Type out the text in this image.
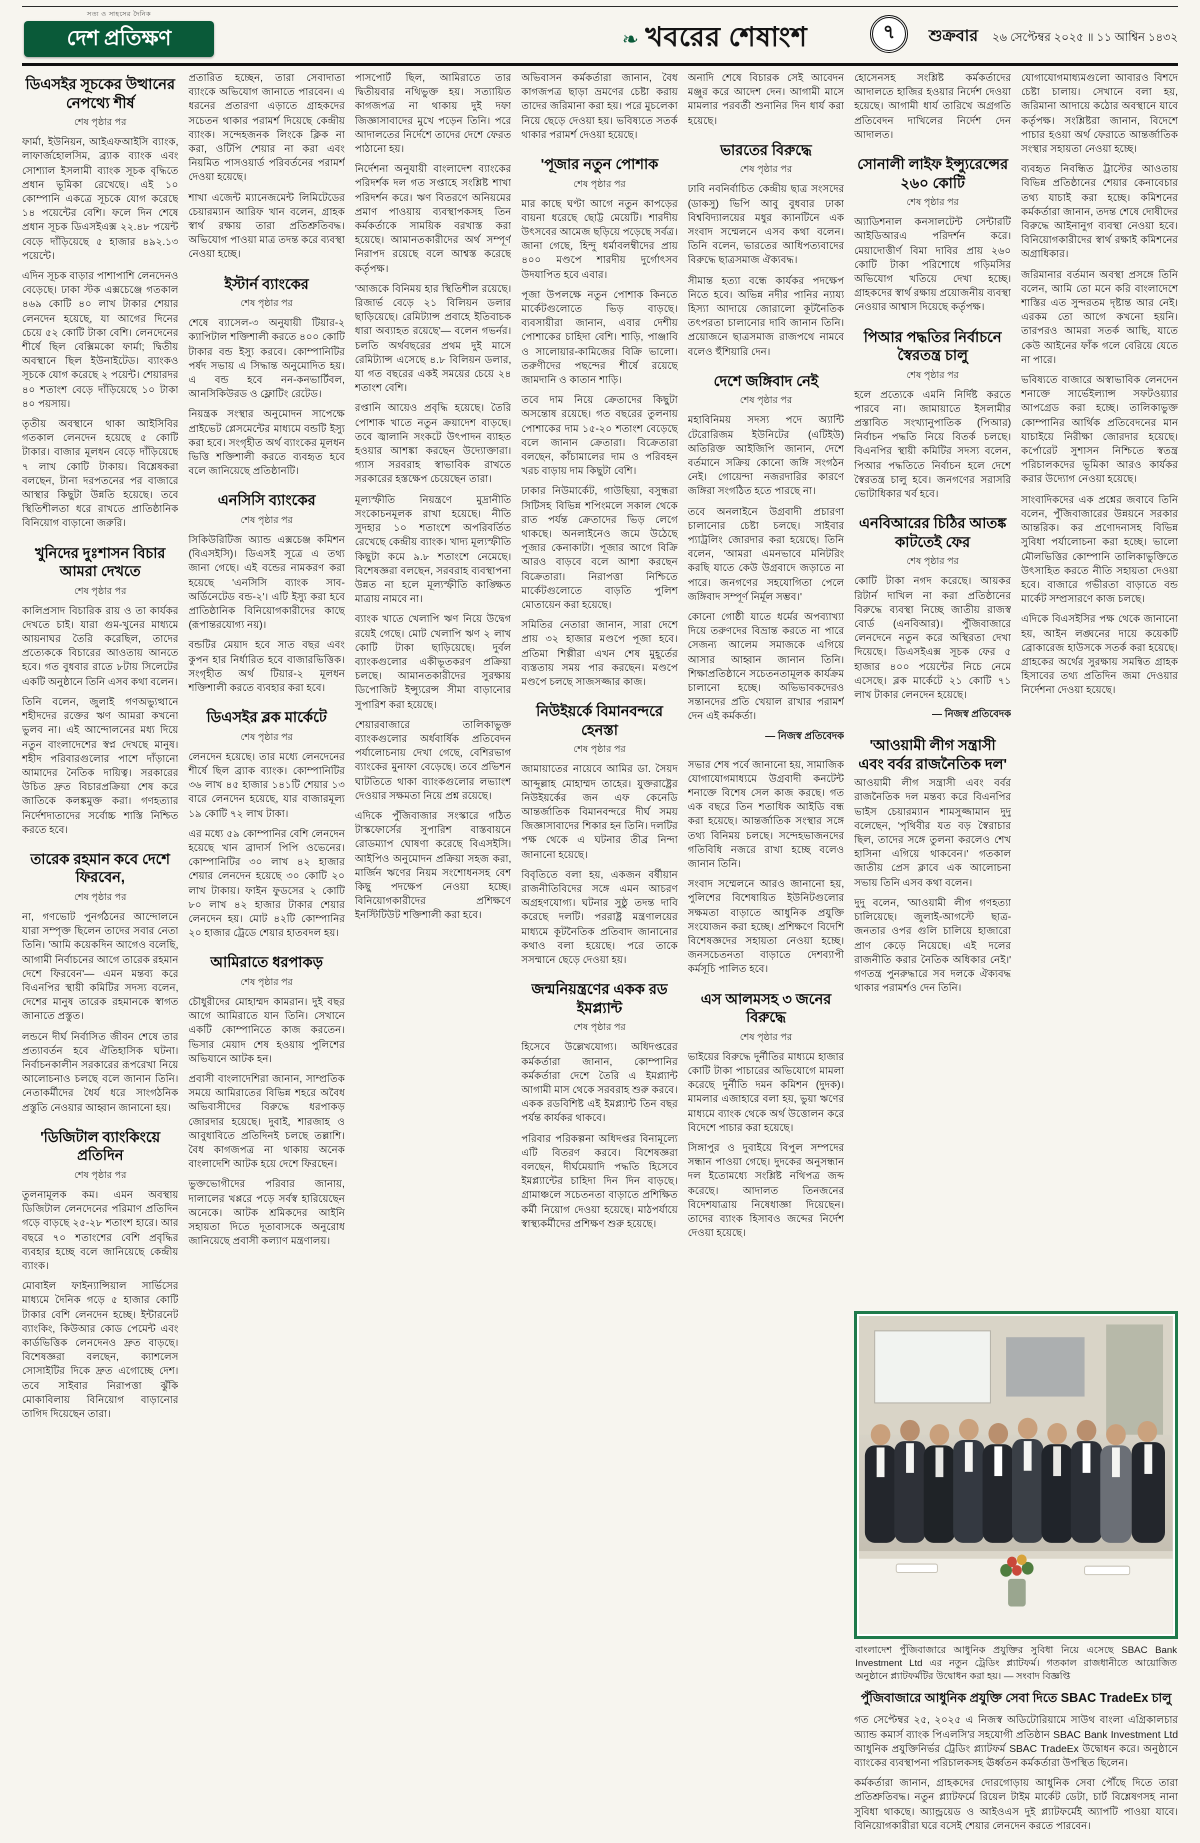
সত্য ও সাহসের দৈনিক
দেশ প্রতিক্ষণ	❧ খবরের শেষাংশ	৭	শুক্রবার ২৬ সেপ্টেম্বর ২০২৫ ॥ ১১ আশ্বিন ১৪৩২
ডিএসইর সূচকের উত্থানের নেপথ্যে শীর্ষ
শেষ পৃষ্ঠার পর

ফার্মা, ইউনিয়ন, আইএফআইসি ব্যাংক, লাফার্জহোলসিম, ব্র্যাক ব্যাংক এবং সোশ্যাল ইসলামী ব্যাংক সূচক বৃদ্ধিতে প্রধান ভূমিকা রেখেছে। এই ১০ কোম্পানি একত্রে সূচকে যোগ করেছে ১৪ পয়েন্টের বেশি। ফলে দিন শেষে প্রধান সূচক ডিএসইএক্স ২২.৪৮ পয়েন্ট বেড়ে দাঁড়িয়েছে ৫ হাজার ৪৯২.১৩ পয়েন্টে।

এদিন সূচক বাড়ার পাশাপাশি লেনদেনও বেড়েছে। ঢাকা স্টক এক্সচেঞ্জে গতকাল ৪৬৯ কোটি ৪০ লাখ টাকার শেয়ার লেনদেন হয়েছে, যা আগের দিনের চেয়ে ৫২ কোটি টাকা বেশি। লেনদেনের শীর্ষে ছিল বেক্সিমকো ফার্মা; দ্বিতীয় অবস্থানে ছিল ইউনাইটেড। ব্যাংকও সূচকে যোগ করেছে ২ পয়েন্ট। শেয়ারদর ৪০ শতাংশ বেড়ে দাঁড়িয়েছে ১০ টাকা ৪০ পয়সায়।

তৃতীয় অবস্থানে থাকা আইসিবির গতকাল লেনদেন হয়েছে ৫ কোটি টাকার। বাজার মূলধন বেড়ে দাঁড়িয়েছে ৭ লাখ কোটি টাকায়। বিশ্লেষকরা বলছেন, টানা দরপতনের পর বাজারে আস্থার কিছুটা উন্নতি হয়েছে। তবে স্থিতিশীলতা ধরে রাখতে প্রাতিষ্ঠানিক বিনিয়োগ বাড়ানো জরুরি।

খুনিদের দুঃশাসন বিচার আমরা দেখতে
শেষ পৃষ্ঠার পর

কালিপ্রসাদ বিচারিক রায় ও তা কার্যকর দেখতে চাই। যারা গুম-খুনের মাধ্যমে আয়নাঘর তৈরি করেছিল, তাদের প্রত্যেককে বিচারের আওতায় আনতে হবে। গত বুধবার রাতে ৮টায় সিলেটের একটি অনুষ্ঠানে তিনি এসব কথা বলেন।

তিনি বলেন, জুলাই গণঅভ্যুত্থানে শহীদদের রক্তের ঋণ আমরা কখনো ভুলব না। এই আন্দোলনের মধ্য দিয়ে নতুন বাংলাদেশের স্বপ্ন দেখছে মানুষ। শহীদ পরিবারগুলোর পাশে দাঁড়ানো আমাদের নৈতিক দায়িত্ব। সরকারের উচিত দ্রুত বিচারপ্রক্রিয়া শেষ করে জাতিকে কলঙ্কমুক্ত করা। গণহত্যার নির্দেশদাতাদের সর্বোচ্চ শাস্তি নিশ্চিত করতে হবে।

তারেক রহমান কবে দেশে ফিরবেন,
শেষ পৃষ্ঠার পর

না, গণভোট পুনর্গঠনের আন্দোলনে যারা সম্পৃক্ত ছিলেন তাদের সবার নেতা তিনি। 'আমি কয়েকদিন আগেও বলেছি, আগামী নির্বাচনের আগে তারেক রহমান দেশে ফিরবেন'— এমন মন্তব্য করে বিএনপির স্থায়ী কমিটির সদস্য বলেন, দেশের মানুষ তারেক রহমানকে স্বাগত জানাতে প্রস্তুত।

লন্ডনে দীর্ঘ নির্বাসিত জীবন শেষে তার প্রত্যাবর্তন হবে ঐতিহাসিক ঘটনা। নির্বাচনকালীন সরকারের রূপরেখা নিয়ে আলোচনাও চলছে বলে জানান তিনি। নেতাকর্মীদের ধৈর্য ধরে সাংগঠনিক প্রস্তুতি নেওয়ার আহ্বান জানানো হয়।

'ডিজিটাল ব্যাংকিংয়ে প্রতিদিন
শেষ পৃষ্ঠার পর

তুলনামূলক কম। এমন অবস্থায় ডিজিটাল লেনদেনের পরিমাণ প্রতিদিন গড়ে বাড়ছে ২৫-২৮ শতাংশ হারে। আর বছরে ৭০ শতাংশের বেশি প্রবৃদ্ধির ব্যবহার হচ্ছে বলে জানিয়েছে কেন্দ্রীয় ব্যাংক।

মোবাইল ফাইন্যান্সিয়াল সার্ভিসের মাধ্যমে দৈনিক গড়ে ৫ হাজার কোটি টাকার বেশি লেনদেন হচ্ছে। ইন্টারনেট ব্যাংকিং, কিউআর কোড পেমেন্ট এবং কার্ডভিত্তিক লেনদেনও দ্রুত বাড়ছে। বিশেষজ্ঞরা বলছেন, ক্যাশলেস সোসাইটির দিকে দ্রুত এগোচ্ছে দেশ। তবে সাইবার নিরাপত্তা ঝুঁকি মোকাবিলায় বিনিয়োগ বাড়ানোর তাগিদ দিয়েছেন তারা।

প্রতারিত হচ্ছেন, তারা সেবাদাতা ব্যাংকে অভিযোগ জানাতে পারবেন। এ ধরনের প্রতারণা এড়াতে গ্রাহকদের সচেতন থাকার পরামর্শ দিয়েছে কেন্দ্রীয় ব্যাংক। সন্দেহজনক লিংকে ক্লিক না করা, ওটিপি শেয়ার না করা এবং নিয়মিত পাসওয়ার্ড পরিবর্তনের পরামর্শ দেওয়া হয়েছে।

শাখা এজেন্ট ম্যানেজমেন্ট লিমিটেডের চেয়ারম্যান আরিফ খান বলেন, গ্রাহক স্বার্থ রক্ষায় তারা প্রতিশ্রুতিবদ্ধ। অভিযোগ পাওয়া মাত্র তদন্ত করে ব্যবস্থা নেওয়া হচ্ছে।

ইস্টার্ন ব্যাংকের
শেষ পৃষ্ঠার পর

শেষে ব্যাসেল-৩ অনুযায়ী টিয়ার-২ ক্যাপিটাল শক্তিশালী করতে ৪০০ কোটি টাকার বন্ড ইস্যু করবে। কোম্পানিটির পর্ষদ সভায় এ সিদ্ধান্ত অনুমোদিত হয়। এ বন্ড হবে নন-কনভার্টিবল, আনসিকিউরড ও ফ্লোটিং রেটেড।

নিয়ন্ত্রক সংস্থার অনুমোদন সাপেক্ষে প্রাইভেট প্লেসমেন্টের মাধ্যমে বন্ডটি ইস্যু করা হবে। সংগৃহীত অর্থ ব্যাংকের মূলধন ভিত্তি শক্তিশালী করতে ব্যবহৃত হবে বলে জানিয়েছে প্রতিষ্ঠানটি।

এনসিসি ব্যাংকের
শেষ পৃষ্ঠার পর

সিকিউরিটিজ অ্যান্ড এক্সচেঞ্জ কমিশন (বিএসইসি)। ডিএসই সূত্রে এ তথ্য জানা গেছে। এই বন্ডের নামকরণ করা হয়েছে 'এনসিসি ব্যাংক সাব-অর্ডিনেটেড বন্ড-২'। এটি ইস্যু করা হবে প্রাতিষ্ঠানিক বিনিয়োগকারীদের কাছে (রূপান্তরযোগ্য নয়)।

বন্ডটির মেয়াদ হবে সাত বছর এবং কুপন হার নির্ধারিত হবে বাজারভিত্তিক। সংগৃহীত অর্থ টিয়ার-২ মূলধন শক্তিশালী করতে ব্যবহার করা হবে।

ডিএসইর ব্লক মার্কেটে
শেষ পৃষ্ঠার পর

লেনদেন হয়েছে। তার মধ্যে লেনদেনের শীর্ষে ছিল ব্র্যাক ব্যাংক। কোম্পানিটির ৩৬ লাখ ৪৫ হাজার ১৪১টি শেয়ার ১৩ বারে লেনদেন হয়েছে, যার বাজারমূল্য ১৯ কোটি ৭২ লাখ টাকা।

এর মধ্যে ৫৯ কোম্পানির বেশি লেনদেন হয়েছে খান ব্রাদার্স পিপি ওভেনের। কোম্পানিটির ৩০ লাখ ৪২ হাজার শেয়ার লেনদেন হয়েছে ৩০ কোটি ২০ লাখ টাকায়। ফাইন ফুডসের ২ কোটি ৮০ লাখ ৪২ হাজার টাকার শেয়ার লেনদেন হয়। মোট ৪২টি কোম্পানির ২০ হাজার ট্রেডে শেয়ার হাতবদল হয়।

আমিরাতে ধরপাকড়
শেষ পৃষ্ঠার পর

চৌধুরীদের মোহাম্মদ কামরান। দুই বছর আগে আমিরাতে যান তিনি। সেখানে একটি কোম্পানিতে কাজ করতেন। ভিসার মেয়াদ শেষ হওয়ায় পুলিশের অভিযানে আটক হন।

প্রবাসী বাংলাদেশিরা জানান, সাম্প্রতিক সময়ে আমিরাতের বিভিন্ন শহরে অবৈধ অভিবাসীদের বিরুদ্ধে ধরপাকড় জোরদার হয়েছে। দুবাই, শারজাহ ও আবুধাবিতে প্রতিদিনই চলছে তল্লাশি। বৈধ কাগজপত্র না থাকায় অনেক বাংলাদেশি আটক হয়ে দেশে ফিরছেন।

ভুক্তভোগীদের পরিবার জানায়, দালালের খপ্পরে পড়ে সর্বস্ব হারিয়েছেন অনেকে। আটক শ্রমিকদের আইনি সহায়তা দিতে দূতাবাসকে অনুরোধ জানিয়েছে প্রবাসী কল্যাণ মন্ত্রণালয়।

পাসপোর্ট ছিল, আমিরাতে তার দ্বিতীয়বার নথিভুক্ত হয়। সত্যায়িত কাগজপত্র না থাকায় দুই দফা জিজ্ঞাসাবাদের মুখে পড়েন তিনি। পরে আদালতের নির্দেশে তাদের দেশে ফেরত পাঠানো হয়।

নির্দেশনা অনুযায়ী বাংলাদেশ ব্যাংকের পরিদর্শক দল গত সপ্তাহে সংশ্লিষ্ট শাখা পরিদর্শন করে। ঋণ বিতরণে অনিয়মের প্রমাণ পাওয়ায় ব্যবস্থাপকসহ তিন কর্মকর্তাকে সাময়িক বরখাস্ত করা হয়েছে। আমানতকারীদের অর্থ সম্পূর্ণ নিরাপদ রয়েছে বলে আশ্বস্ত করেছে কর্তৃপক্ষ।

'আজকে বিনিময় হার স্থিতিশীল রয়েছে। রিজার্ভ বেড়ে ২১ বিলিয়ন ডলার ছাড়িয়েছে। রেমিট্যান্স প্রবাহে ইতিবাচক ধারা অব্যাহত রয়েছে'— বলেন গভর্নর। চলতি অর্থবছরের প্রথম দুই মাসে রেমিট্যান্স এসেছে ৪.৮ বিলিয়ন ডলার, যা গত বছরের একই সময়ের চেয়ে ২৪ শতাংশ বেশি।

রপ্তানি আয়েও প্রবৃদ্ধি হয়েছে। তৈরি পোশাক খাতে নতুন ক্রয়াদেশ বাড়ছে। তবে জ্বালানি সংকটে উৎপাদন ব্যাহত হওয়ার আশঙ্কা করছেন উদ্যোক্তারা। গ্যাস সরবরাহ স্বাভাবিক রাখতে সরকারের হস্তক্ষেপ চেয়েছেন তারা।

মূল্যস্ফীতি নিয়ন্ত্রণে মুদ্রানীতি সংকোচনমূলক রাখা হয়েছে। নীতি সুদহার ১০ শতাংশে অপরিবর্তিত রেখেছে কেন্দ্রীয় ব্যাংক। খাদ্য মূল্যস্ফীতি কিছুটা কমে ৯.৮ শতাংশে নেমেছে। বিশেষজ্ঞরা বলছেন, সরবরাহ ব্যবস্থাপনা উন্নত না হলে মূল্যস্ফীতি কাঙ্ক্ষিত মাত্রায় নামবে না।

ব্যাংক খাতে খেলাপি ঋণ নিয়ে উদ্বেগ রয়েই গেছে। মোট খেলাপি ঋণ ২ লাখ কোটি টাকা ছাড়িয়েছে। দুর্বল ব্যাংকগুলোর একীভূতকরণ প্রক্রিয়া চলছে। আমানতকারীদের সুরক্ষায় ডিপোজিট ইন্স্যুরেন্স সীমা বাড়ানোর সুপারিশ করা হয়েছে।

শেয়ারবাজারে তালিকাভুক্ত ব্যাংকগুলোর অর্ধবার্ষিক প্রতিবেদন পর্যালোচনায় দেখা গেছে, বেশিরভাগ ব্যাংকের মুনাফা বেড়েছে। তবে প্রভিশন ঘাটতিতে থাকা ব্যাংকগুলোর লভ্যাংশ দেওয়ার সক্ষমতা নিয়ে প্রশ্ন রয়েছে।

এদিকে পুঁজিবাজার সংস্কারে গঠিত টাস্কফোর্সের সুপারিশ বাস্তবায়নে রোডম্যাপ ঘোষণা করেছে বিএসইসি। আইপিও অনুমোদন প্রক্রিয়া সহজ করা, মার্জিন ঋণের নিয়ম সংশোধনসহ বেশ কিছু পদক্ষেপ নেওয়া হচ্ছে। বিনিয়োগকারীদের প্রশিক্ষণে ইনস্টিটিউট শক্তিশালী করা হবে।

অভিবাসন কর্মকর্তারা জানান, বৈধ কাগজপত্র ছাড়া ভ্রমণের চেষ্টা করায় তাদের জরিমানা করা হয়। পরে মুচলেকা নিয়ে ছেড়ে দেওয়া হয়। ভবিষ্যতে সতর্ক থাকার পরামর্শ দেওয়া হয়েছে।

'পূজার নতুন পোশাক
শেষ পৃষ্ঠার পর

মার কাছে ঘণ্টা আগে নতুন কাপড়ের বায়না ধরেছে ছোট্ট মেয়েটি। শারদীয় উৎসবের আমেজ ছড়িয়ে পড়েছে সর্বত্র। জানা গেছে, হিন্দু ধর্মাবলম্বীদের প্রায় ৪০০ মণ্ডপে শারদীয় দুর্গোৎসব উদযাপিত হবে এবার।

পূজা উপলক্ষে নতুন পোশাক কিনতে মার্কেটগুলোতে ভিড় বাড়ছে। ব্যবসায়ীরা জানান, এবার দেশীয় পোশাকের চাহিদা বেশি। শাড়ি, পাঞ্জাবি ও সালোয়ার-কামিজের বিক্রি ভালো। তরুণীদের পছন্দের শীর্ষে রয়েছে জামদানি ও কাতান শাড়ি।

তবে দাম নিয়ে ক্রেতাদের কিছুটা অসন্তোষ রয়েছে। গত বছরের তুলনায় পোশাকের দাম ১৫-২০ শতাংশ বেড়েছে বলে জানান ক্রেতারা। বিক্রেতারা বলছেন, কাঁচামালের দাম ও পরিবহন খরচ বাড়ায় দাম কিছুটা বেশি।

ঢাকার নিউমার্কেট, গাউছিয়া, বসুন্ধরা সিটিসহ বিভিন্ন শপিংমলে সকাল থেকে রাত পর্যন্ত ক্রেতাদের ভিড় লেগে থাকছে। অনলাইনেও জমে উঠেছে পূজার কেনাকাটা। পূজার আগে বিক্রি আরও বাড়বে বলে আশা করছেন বিক্রেতারা। নিরাপত্তা নিশ্চিতে মার্কেটগুলোতে বাড়তি পুলিশ মোতায়েন করা হয়েছে।

সমিতির নেতারা জানান, সারা দেশে প্রায় ৩২ হাজার মণ্ডপে পূজা হবে। প্রতিমা শিল্পীরা এখন শেষ মুহূর্তের ব্যস্ততায় সময় পার করছেন। মণ্ডপে মণ্ডপে চলছে সাজসজ্জার কাজ।

নিউইয়র্কে বিমানবন্দরে হেনস্তা
শেষ পৃষ্ঠার পর

জামায়াতের নায়েবে আমির ডা. সৈয়দ আব্দুল্লাহ মোহাম্মদ তাহের। যুক্তরাষ্ট্রের নিউইয়র্কের জন এফ কেনেডি আন্তর্জাতিক বিমানবন্দরে দীর্ঘ সময় জিজ্ঞাসাবাদের শিকার হন তিনি। দলটির পক্ষ থেকে এ ঘটনার তীব্র নিন্দা জানানো হয়েছে।

বিবৃতিতে বলা হয়, একজন বর্ষীয়ান রাজনীতিবিদের সঙ্গে এমন আচরণ অগ্রহণযোগ্য। ঘটনার সুষ্ঠু তদন্ত দাবি করেছে দলটি। পররাষ্ট্র মন্ত্রণালয়ের মাধ্যমে কূটনৈতিক প্রতিবাদ জানানোর কথাও বলা হয়েছে। পরে তাকে সসম্মানে ছেড়ে দেওয়া হয়।

জন্মনিয়ন্ত্রণের একক রড ইমপ্ল্যান্ট
শেষ পৃষ্ঠার পর

হিসেবে উল্লেখযোগ্য। অধিদপ্তরের কর্মকর্তারা জানান, কোম্পানির কর্মকর্তারা দেশে তৈরি এ ইমপ্ল্যান্ট আগামী মাস থেকে সরবরাহ শুরু করবে। একক রডবিশিষ্ট এই ইমপ্ল্যান্ট তিন বছর পর্যন্ত কার্যকর থাকবে।

পরিবার পরিকল্পনা অধিদপ্তর বিনামূল্যে এটি বিতরণ করবে। বিশেষজ্ঞরা বলছেন, দীর্ঘমেয়াদি পদ্ধতি হিসেবে ইমপ্ল্যান্টের চাহিদা দিন দিন বাড়ছে। গ্রামাঞ্চলে সচেতনতা বাড়াতে প্রশিক্ষিত কর্মী নিয়োগ দেওয়া হয়েছে। মাঠপর্যায়ে স্বাস্থ্যকর্মীদের প্রশিক্ষণ শুরু হয়েছে।

অনাদি শেষে বিচারক সেই আবেদন মঞ্জুর করে আদেশ দেন। আগামী মাসে মামলার পরবর্তী শুনানির দিন ধার্য করা হয়েছে।

ভারতের বিরুদ্ধে
শেষ পৃষ্ঠার পর

ঢাবি নবনির্বাচিত কেন্দ্রীয় ছাত্র সংসদের (ডাকসু) ভিপি আবু বুধবার ঢাকা বিশ্ববিদ্যালয়ের মধুর ক্যানটিনে এক সংবাদ সম্মেলনে এসব কথা বলেন। তিনি বলেন, ভারতের আধিপত্যবাদের বিরুদ্ধে ছাত্রসমাজ ঐক্যবদ্ধ।

সীমান্ত হত্যা বন্ধে কার্যকর পদক্ষেপ নিতে হবে। অভিন্ন নদীর পানির ন্যায্য হিস্যা আদায়ে জোরালো কূটনৈতিক তৎপরতা চালানোর দাবি জানান তিনি। প্রয়োজনে ছাত্রসমাজ রাজপথে নামবে বলেও হুঁশিয়ারি দেন।

দেশে জঙ্গিবাদ নেই
শেষ পৃষ্ঠার পর

মহাবিনিময় সদস্য পদে অ্যান্টি টেরোরিজম ইউনিটের (এটিইউ) অতিরিক্ত আইজিপি জানান, দেশে বর্তমানে সক্রিয় কোনো জঙ্গি সংগঠন নেই। গোয়েন্দা নজরদারির কারণে জঙ্গিরা সংগঠিত হতে পারছে না।

তবে অনলাইনে উগ্রবাদী প্রচারণা চালানোর চেষ্টা চলছে। সাইবার প্যাট্রলিং জোরদার করা হয়েছে। তিনি বলেন, 'আমরা এমনভাবে মনিটরিং করছি যাতে কেউ উগ্রবাদে জড়াতে না পারে। জনগণের সহযোগিতা পেলে জঙ্গিবাদ সম্পূর্ণ নির্মূল সম্ভব।'

কোনো গোষ্ঠী যাতে ধর্মের অপব্যাখ্যা দিয়ে তরুণদের বিভ্রান্ত করতে না পারে সেজন্য আলেম সমাজকে এগিয়ে আসার আহ্বান জানান তিনি। শিক্ষাপ্রতিষ্ঠানে সচেতনতামূলক কার্যক্রম চালানো হচ্ছে। অভিভাবকদেরও সন্তানদের প্রতি খেয়াল রাখার পরামর্শ দেন এই কর্মকর্তা।

— নিজস্ব প্রতিবেদক

সভার শেষ পর্বে জানানো হয়, সামাজিক যোগাযোগমাধ্যমে উগ্রবাদী কনটেন্ট শনাক্তে বিশেষ সেল কাজ করছে। গত এক বছরে তিন শতাধিক আইডি বন্ধ করা হয়েছে। আন্তর্জাতিক সংস্থার সঙ্গে তথ্য বিনিময় চলছে। সন্দেহভাজনদের গতিবিধি নজরে রাখা হচ্ছে বলেও জানান তিনি।

সংবাদ সম্মেলনে আরও জানানো হয়, পুলিশের বিশেষায়িত ইউনিটগুলোর সক্ষমতা বাড়াতে আধুনিক প্রযুক্তি সংযোজন করা হচ্ছে। প্রশিক্ষণে বিদেশি বিশেষজ্ঞদের সহায়তা নেওয়া হচ্ছে। জনসচেতনতা বাড়াতে দেশব্যাপী কর্মসূচি পালিত হবে।

এস আলমসহ ৩ জনের বিরুদ্ধে
শেষ পৃষ্ঠার পর

ভাইয়ের বিরুদ্ধে দুর্নীতির মাধ্যমে হাজার কোটি টাকা পাচারের অভিযোগে মামলা করেছে দুর্নীতি দমন কমিশন (দুদক)। মামলার এজাহারে বলা হয়, ভুয়া ঋণের মাধ্যমে ব্যাংক থেকে অর্থ উত্তোলন করে বিদেশে পাচার করা হয়েছে।

সিঙ্গাপুর ও দুবাইয়ে বিপুল সম্পদের সন্ধান পাওয়া গেছে। দুদকের অনুসন্ধান দল ইতোমধ্যে সংশ্লিষ্ট নথিপত্র জব্দ করেছে। আদালত তিনজনের বিদেশযাত্রায় নিষেধাজ্ঞা দিয়েছেন। তাদের ব্যাংক হিসাবও জব্দের নির্দেশ দেওয়া হয়েছে।

হোসেনসহ সংশ্লিষ্ট কর্মকর্তাদের আদালতে হাজির হওয়ার নির্দেশ দেওয়া হয়েছে। আগামী ধার্য তারিখে অগ্রগতি প্রতিবেদন দাখিলের নির্দেশ দেন আদালত।

সোনালী লাইফ ইন্স্যুরেন্সের ২৬০ কোটি
শেষ পৃষ্ঠার পর

অ্যাডিশনাল কনসালটেন্ট সেন্টারটি আইডিআরএ পরিদর্শন করে। মেয়াদোত্তীর্ণ বিমা দাবির প্রায় ২৬০ কোটি টাকা পরিশোধে গড়িমসির অভিযোগ খতিয়ে দেখা হচ্ছে। গ্রাহকদের স্বার্থ রক্ষায় প্রয়োজনীয় ব্যবস্থা নেওয়ার আশ্বাস দিয়েছে কর্তৃপক্ষ।

পিআর পদ্ধতির নির্বাচনে স্বৈরতন্ত্র চালু
শেষ পৃষ্ঠার পর

হলে প্রত্যেকে এমনি নির্দিষ্ট করতে পারবে না। জামায়াতে ইসলামীর প্রস্তাবিত সংখ্যানুপাতিক (পিআর) নির্বাচন পদ্ধতি নিয়ে বিতর্ক চলছে। বিএনপির স্থায়ী কমিটির সদস্য বলেন, পিআর পদ্ধতিতে নির্বাচন হলে দেশে স্বৈরতন্ত্র চালু হবে। জনগণের সরাসরি ভোটাধিকার খর্ব হবে।

এনবিআরের চিঠির আতঙ্ক কাটতেই ফের
শেষ পৃষ্ঠার পর

কোটি টাকা নগদ করেছে। আয়কর রিটার্ন দাখিল না করা প্রতিষ্ঠানের বিরুদ্ধে ব্যবস্থা নিচ্ছে জাতীয় রাজস্ব বোর্ড (এনবিআর)। পুঁজিবাজারে লেনদেনে নতুন করে অস্থিরতা দেখা দিয়েছে। ডিএসইএক্স সূচক ফের ৫ হাজার ৪০০ পয়েন্টের নিচে নেমে এসেছে। ব্লক মার্কেটে ২১ কোটি ৭১ লাখ টাকার লেনদেন হয়েছে।

— নিজস্ব প্রতিবেদক
'আওয়ামী লীগ সন্ত্রাসী এবং বর্বর রাজনৈতিক দল'

আওয়ামী লীগ সন্ত্রাসী এবং বর্বর রাজনৈতিক দল মন্তব্য করে বিএনপির ভাইস চেয়ারম্যান শামসুজ্জামান দুদু বলেছেন, 'পৃথিবীর যত বড় স্বৈরাচার ছিল, তাদের সঙ্গে তুলনা করলেও শেখ হাসিনা এগিয়ে থাকবেন।' গতকাল জাতীয় প্রেস ক্লাবে এক আলোচনা সভায় তিনি এসব কথা বলেন।

দুদু বলেন, 'আওয়ামী লীগ গণহত্যা চালিয়েছে। জুলাই-আগস্টে ছাত্র-জনতার ওপর গুলি চালিয়ে হাজারো প্রাণ কেড়ে নিয়েছে। এই দলের রাজনীতি করার নৈতিক অধিকার নেই।' গণতন্ত্র পুনরুদ্ধারে সব দলকে ঐক্যবদ্ধ থাকার পরামর্শও দেন তিনি।

যোগাযোগমাধ্যমগুলো আবারও বিশদে চেষ্টা চালায়। সেখানে বলা হয়, জরিমানা আদায়ে কঠোর অবস্থানে যাবে কর্তৃপক্ষ। সংশ্লিষ্টরা জানান, বিদেশে পাচার হওয়া অর্থ ফেরাতে আন্তর্জাতিক সংস্থার সহায়তা নেওয়া হচ্ছে।

ব্যবহৃত নিবন্ধিত ট্রাস্টের আওতায় বিভিন্ন প্রতিষ্ঠানের শেয়ার কেনাবেচার তথ্য যাচাই করা হচ্ছে। কমিশনের কর্মকর্তারা জানান, তদন্ত শেষে দোষীদের বিরুদ্ধে আইনানুগ ব্যবস্থা নেওয়া হবে। বিনিয়োগকারীদের স্বার্থ রক্ষাই কমিশনের অগ্রাধিকার।

জরিমানার বর্তমান অবস্থা প্রসঙ্গে তিনি বলেন, আমি তো মনে করি বাংলাদেশে শাস্তির এত সুন্দরতম দৃষ্টান্ত আর নেই। এরকম তো আগে কখনো হয়নি। তারপরও আমরা সতর্ক আছি, যাতে কেউ আইনের ফাঁক গলে বেরিয়ে যেতে না পারে।

ভবিষ্যতে বাজারে অস্বাভাবিক লেনদেন শনাক্তে সার্ভেইল্যান্স সফটওয়্যার আপগ্রেড করা হচ্ছে। তালিকাভুক্ত কোম্পানির আর্থিক প্রতিবেদনের মান যাচাইয়ে নিরীক্ষা জোরদার হয়েছে। কর্পোরেট সুশাসন নিশ্চিতে স্বতন্ত্র পরিচালকদের ভূমিকা আরও কার্যকর করার উদ্যোগ নেওয়া হয়েছে।

সাংবাদিকদের এক প্রশ্নের জবাবে তিনি বলেন, পুঁজিবাজারের উন্নয়নে সরকার আন্তরিক। কর প্রণোদনাসহ বিভিন্ন সুবিধা পর্যালোচনা করা হচ্ছে। ভালো মৌলভিত্তির কোম্পানি তালিকাভুক্তিতে উৎসাহিত করতে নীতি সহায়তা দেওয়া হবে। বাজারে গভীরতা বাড়াতে বন্ড মার্কেট সম্প্রসারণে কাজ চলছে।

এদিকে বিএসইসির পক্ষ থেকে জানানো হয়, আইন লঙ্ঘনের দায়ে কয়েকটি ব্রোকারেজ হাউসকে সতর্ক করা হয়েছে। গ্রাহকের অর্থের সুরক্ষায় সমন্বিত গ্রাহক হিসাবের তথ্য প্রতিদিন জমা দেওয়ার নির্দেশনা দেওয়া হয়েছে।

বাংলাদেশ পুঁজিবাজারে আধুনিক প্রযুক্তির সুবিধা নিয়ে এসেছে SBAC Bank Investment Ltd এর নতুন ট্রেডিং প্ল্যাটফর্ম। গতকাল রাজধানীতে আয়োজিত অনুষ্ঠানে প্ল্যাটফর্মটির উদ্বোধন করা হয়। — সংবাদ বিজ্ঞপ্তি

পুঁজিবাজারে আধুনিক প্রযুক্তি সেবা দিতে SBAC TradeEx চালু

গত সেপ্টেম্বর ২৫, ২০২৫ এ নিজস্ব অডিটোরিয়ামে সাউথ বাংলা এগ্রিকালচার অ্যান্ড কমার্স ব্যাংক পিএলসি'র সহযোগী প্রতিষ্ঠান SBAC Bank Investment Ltd আধুনিক প্রযুক্তিনির্ভর ট্রেডিং প্ল্যাটফর্ম SBAC TradeEx উদ্বোধন করে। অনুষ্ঠানে ব্যাংকের ব্যবস্থাপনা পরিচালকসহ ঊর্ধ্বতন কর্মকর্তারা উপস্থিত ছিলেন।

কর্মকর্তারা জানান, গ্রাহকদের দোরগোড়ায় আধুনিক সেবা পৌঁছে দিতে তারা প্রতিশ্রুতিবদ্ধ। নতুন প্ল্যাটফর্মে রিয়েল টাইম মার্কেট ডেটা, চার্ট বিশ্লেষণসহ নানা সুবিধা থাকছে। অ্যান্ড্রয়েড ও আইওএস দুই প্ল্যাটফর্মেই অ্যাপটি পাওয়া যাবে। বিনিয়োগকারীরা ঘরে বসেই শেয়ার লেনদেন করতে পারবেন।
